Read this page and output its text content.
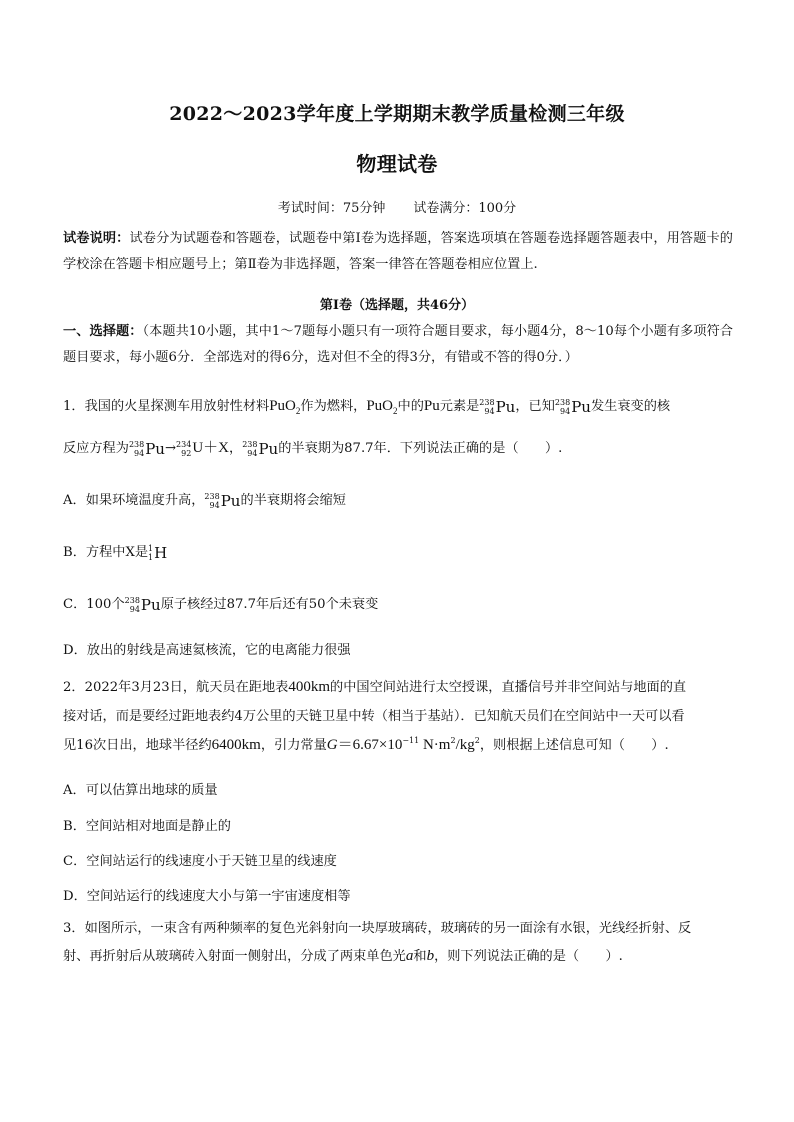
2022～2023学年度上学期期末教学质量检测三年级
物理试卷
考试时间：75分钟 试卷满分：100分
试卷说明：试卷分为试题卷和答题卷，试题卷中第Ⅰ卷为选择题，答案选项填在答题卷选择题答题表中，用答题卡的学校涂在答题卡相应题号上；第Ⅱ卷为非选择题，答案一律答在答题卷相应位置上.
第Ⅰ卷（选择题，共46分）
一、选择题：（本题共10小题，其中1～7题每小题只有一项符合题目要求，每小题4分，8～10每个小题有多项符合题目要求，每小题6分．全部选对的得6分，选对但不全的得3分，有错或不答的得0分．）
1．我国的火星探测车用放射性材料PuO$_2$作为燃料，PuO$_2$中的Pu元素是 238
94 Pu ，已知 238
94 Pu 发生衰变的核
反应方程为 238
94 Pu → 234
92 U＋X， 238
94 Pu 的半衰期为87.7年．下列说法正确的是（　　）.
A．如果环境温度升高， 238
94 Pu 的半衰期将会缩短
B．方程中X是 1
1 H
C．100个 238
94 Pu 原子核经过87.7年后还有50个未衰变
D．放出的射线是高速氦核流，它的电离能力很强
2．2022年3月23日，航天员在距地表400km的中国空间站进行太空授课，直播信号并非空间站与地面的直
接对话，而是要经过距地表约4万公里的天链卫星中转（相当于基站）．已知航天员们在空间站中一天可以看
见16次日出，地球半径约6400km，引力常量$G=6.67\times 10^{-11}$ $N\cdot m^2/kg^2$，则根据上述信息可知（　　）.
A．可以估算出地球的质量
B．空间站相对地面是静止的
C．空间站运行的线速度小于天链卫星的线速度
D．空间站运行的线速度大小与第一宇宙速度相等
3．如图所示，一束含有两种频率的复色光斜射向一块厚玻璃砖，玻璃砖的另一面涂有水银，光线经折射、反
射、再折射后从玻璃砖入射面一侧射出，分成了两束单色光a和b，则下列说法正确的是（　　）.
